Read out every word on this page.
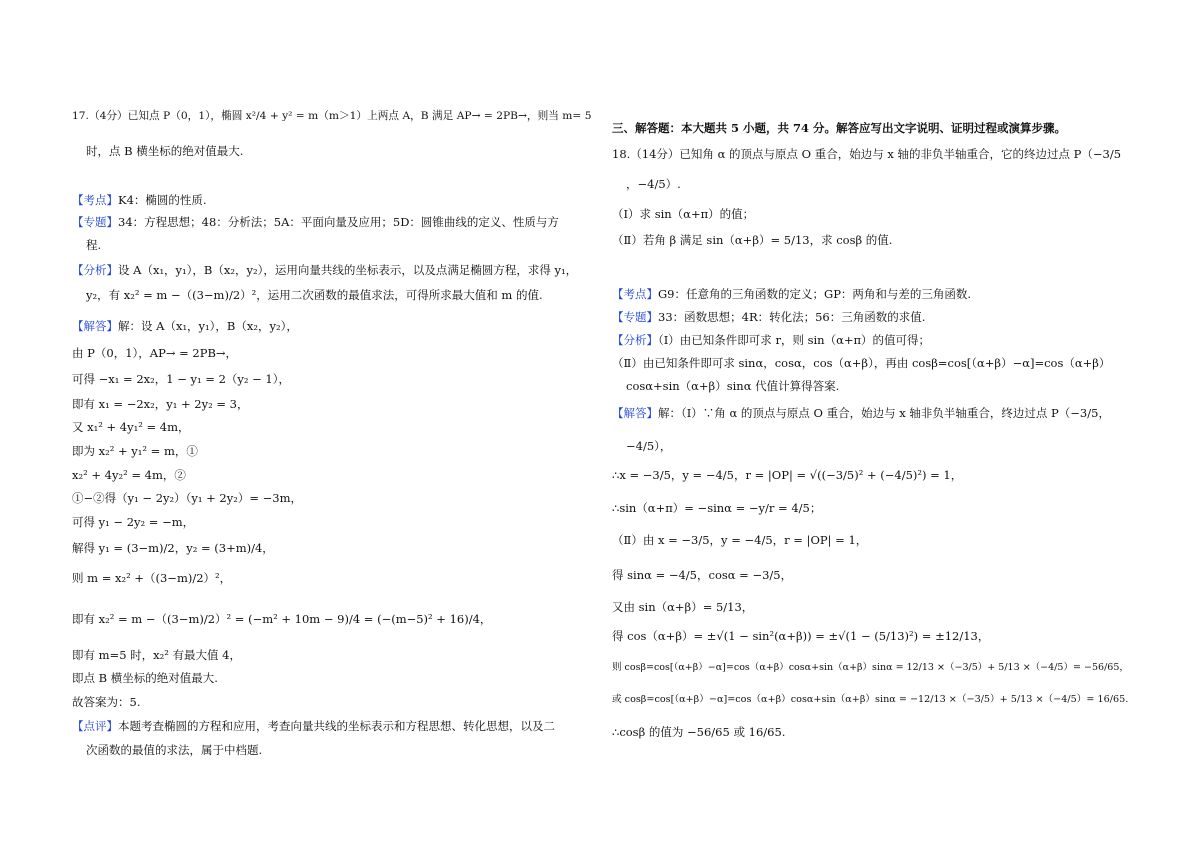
17.（4分）已知点 P（0，1），椭圆 x²/4 + y² = m（m＞1）上两点 A，B 满足 AP→ = 2PB→，则当 m= 5
时，点 B 横坐标的绝对值最大.
【考点】K4：椭圆的性质.
【专题】34：方程思想；48：分析法；5A：平面向量及应用；5D：圆锥曲线的定义、性质与方
程.
【分析】设 A（x₁，y₁），B（x₂，y₂），运用向量共线的坐标表示，以及点满足椭圆方程，求得 y₁，
y₂，有 x₂² = m −（(3−m)/2）²，运用二次函数的最值求法，可得所求最大值和 m 的值.
【解答】解：设 A（x₁，y₁），B（x₂，y₂），
由 P（0，1），AP→ = 2PB→，
可得 −x₁ = 2x₂，1 − y₁ = 2（y₂ − 1），
即有 x₁ = −2x₂，y₁ + 2y₂ = 3，
又 x₁² + 4y₁² = 4m，
即为 x₂² + y₁² = m，①
x₂² + 4y₂² = 4m，②
①−②得（y₁ − 2y₂）（y₁ + 2y₂）= −3m，
可得 y₁ − 2y₂ = −m，
解得 y₁ = (3−m)/2，y₂ = (3+m)/4，
则 m = x₂² +（(3−m)/2）²，
即有 x₂² = m −（(3−m)/2）² = (−m² + 10m − 9)/4 = (−(m−5)² + 16)/4，
即有 m=5 时，x₂² 有最大值 4，
即点 B 横坐标的绝对值最大.
故答案为：5.
【点评】本题考查椭圆的方程和应用，考查向量共线的坐标表示和方程思想、转化思想，以及二
次函数的最值的求法，属于中档题.
三、解答题：本大题共 5 小题，共 74 分。解答应写出文字说明、证明过程或演算步骤。
18.（14分）已知角 α 的顶点与原点 O 重合，始边与 x 轴的非负半轴重合，它的终边过点 P（−3/5
，−4/5）.
（Ⅰ）求 sin（α+π）的值；
（Ⅱ）若角 β 满足 sin（α+β）= 5/13，求 cosβ 的值.
【考点】G9：任意角的三角函数的定义；GP：两角和与差的三角函数.
【专题】33：函数思想；4R：转化法；56：三角函数的求值.
【分析】（Ⅰ）由已知条件即可求 r，则 sin（α+π）的值可得；
（Ⅱ）由已知条件即可求 sinα，cosα，cos（α+β），再由 cosβ=cos[（α+β）−α]=cos（α+β）
cosα+sin（α+β）sinα 代值计算得答案.
【解答】解：（Ⅰ）∵角 α 的顶点与原点 O 重合，始边与 x 轴非负半轴重合，终边过点 P（−3/5，
−4/5），
∴x = −3/5，y = −4/5，r = |OP| = √((−3/5)² + (−4/5)²) = 1，
∴sin（α+π）= −sinα = −y/r = 4/5；
（Ⅱ）由 x = −3/5，y = −4/5，r = |OP| = 1，
得 sinα = −4/5，cosα = −3/5，
又由 sin（α+β）= 5/13，
得 cos（α+β）= ±√(1 − sin²(α+β)) = ±√(1 − (5/13)²) = ±12/13，
则 cosβ=cos[（α+β）−α]=cos（α+β）cosα+sin（α+β）sinα = 12/13 ×（−3/5）+ 5/13 ×（−4/5）= −56/65，
或 cosβ=cos[（α+β）−α]=cos（α+β）cosα+sin（α+β）sinα = −12/13 ×（−3/5）+ 5/13 ×（−4/5）= 16/65.
∴cosβ 的值为 −56/65 或 16/65.
